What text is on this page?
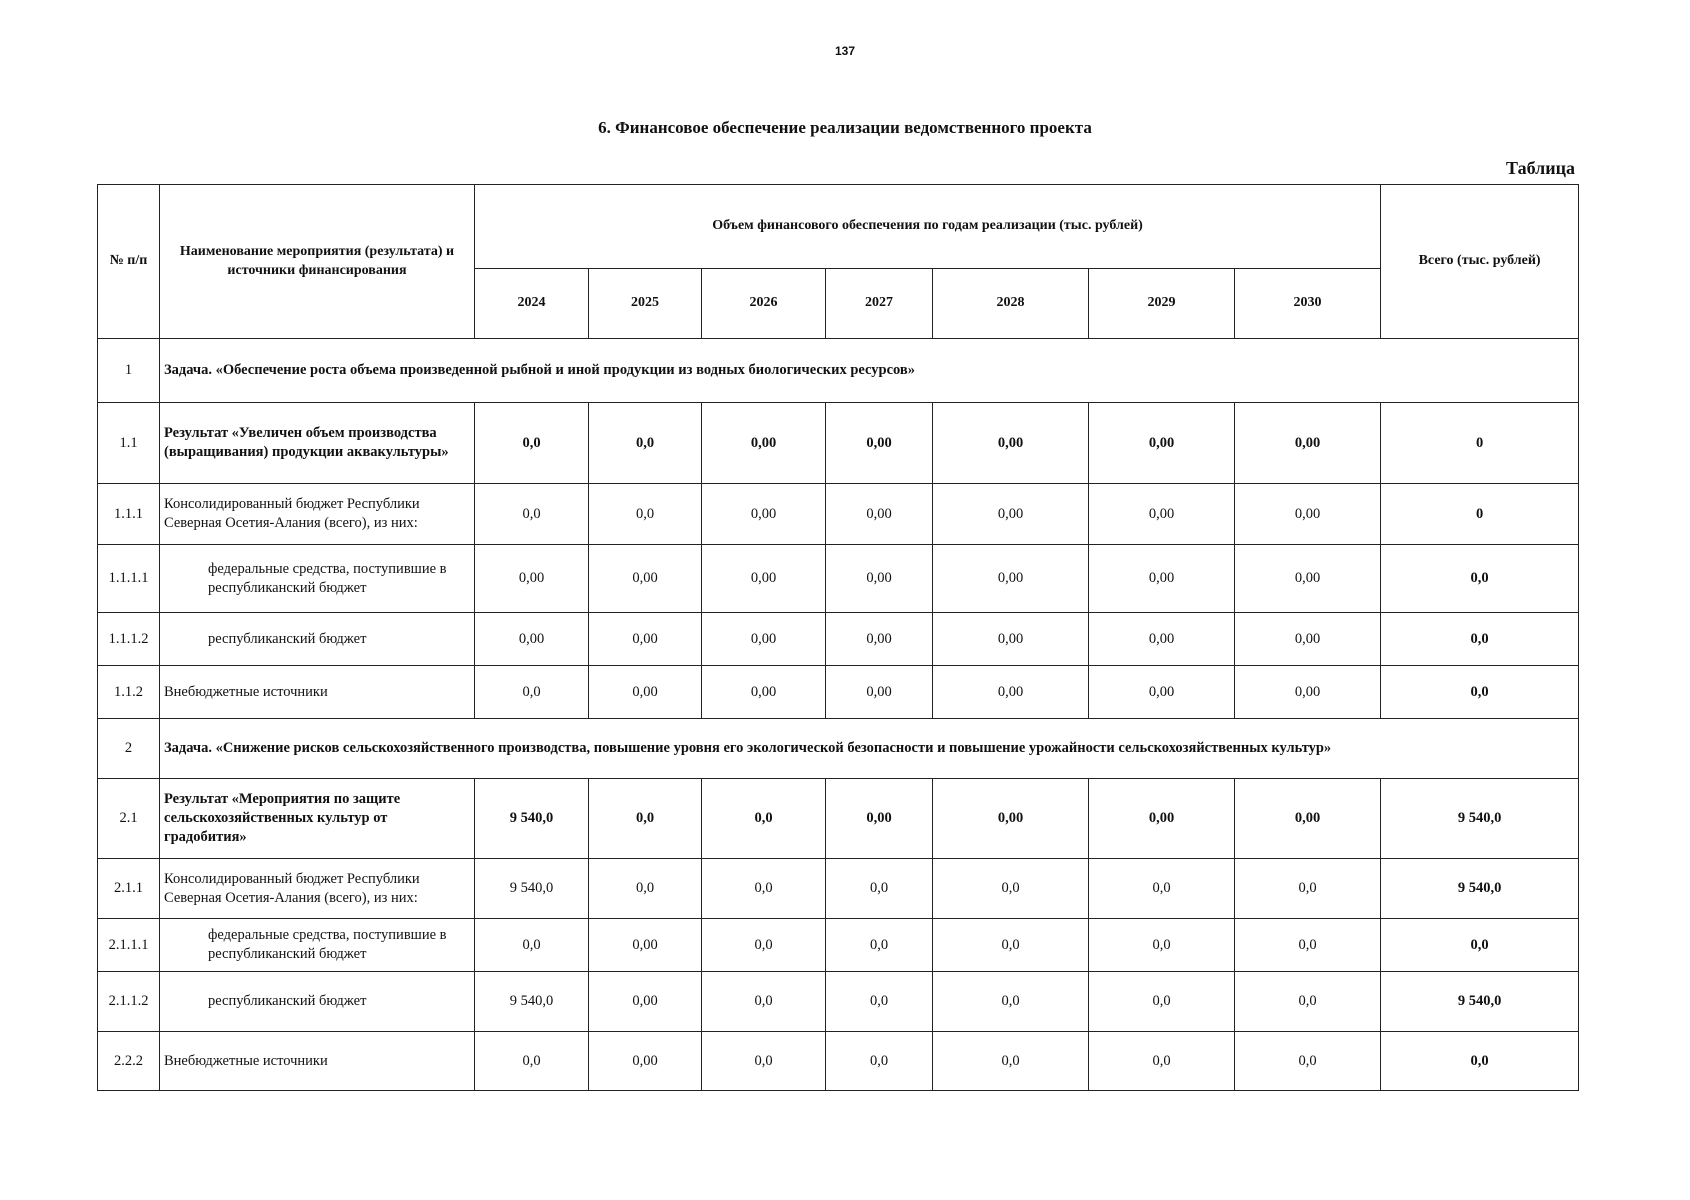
137
6. Финансовое обеспечение реализации ведомственного проекта
Таблица
№ п/п	Наименование мероприятия (результата) и источники финансирования	Объем финансового обеспечения по годам реализации (тыс. рублей)							Всего (тыс. рублей)
		2024	2025	2026	2027	2028	2029	2030	
1	Задача. «Обеспечение роста объема произведенной рыбной и иной продукции из водных биологических ресурсов»								
1.1	Результат «Увеличен объем производства (выращивания) продукции аквакультуры»	0,0	0,0	0,00	0,00	0,00	0,00	0,00	0
1.1.1	Консолидированный бюджет Республики Северная Осетия-Алания (всего), из них:	0,0	0,0	0,00	0,00	0,00	0,00	0,00	0
1.1.1.1	федеральные средства, поступившие в республиканский бюджет	0,00	0,00	0,00	0,00	0,00	0,00	0,00	0,0
1.1.1.2	республиканский бюджет	0,00	0,00	0,00	0,00	0,00	0,00	0,00	0,0
1.1.2	Внебюджетные источники	0,0	0,00	0,00	0,00	0,00	0,00	0,00	0,0
2	Задача. «Снижение рисков сельскохозяйственного производства, повышение уровня его экологической безопасности и повышение урожайности сельскохозяйственных культур»								
2.1	Результат «Мероприятия по защите сельскохозяйственных культур от градобития»	9 540,0	0,0	0,0	0,00	0,00	0,00	0,00	9 540,0
2.1.1	Консолидированный бюджет Республики Северная Осетия-Алания (всего), из них:	9 540,0	0,0	0,0	0,0	0,0	0,0	0,0	9 540,0
2.1.1.1	федеральные средства, поступившие в республиканский бюджет	0,0	0,00	0,0	0,0	0,0	0,0	0,0	0,0
2.1.1.2	республиканский бюджет	9 540,0	0,00	0,0	0,0	0,0	0,0	0,0	9 540,0
2.2.2	Внебюджетные источники	0,0	0,00	0,0	0,0	0,0	0,0	0,0	0,0
